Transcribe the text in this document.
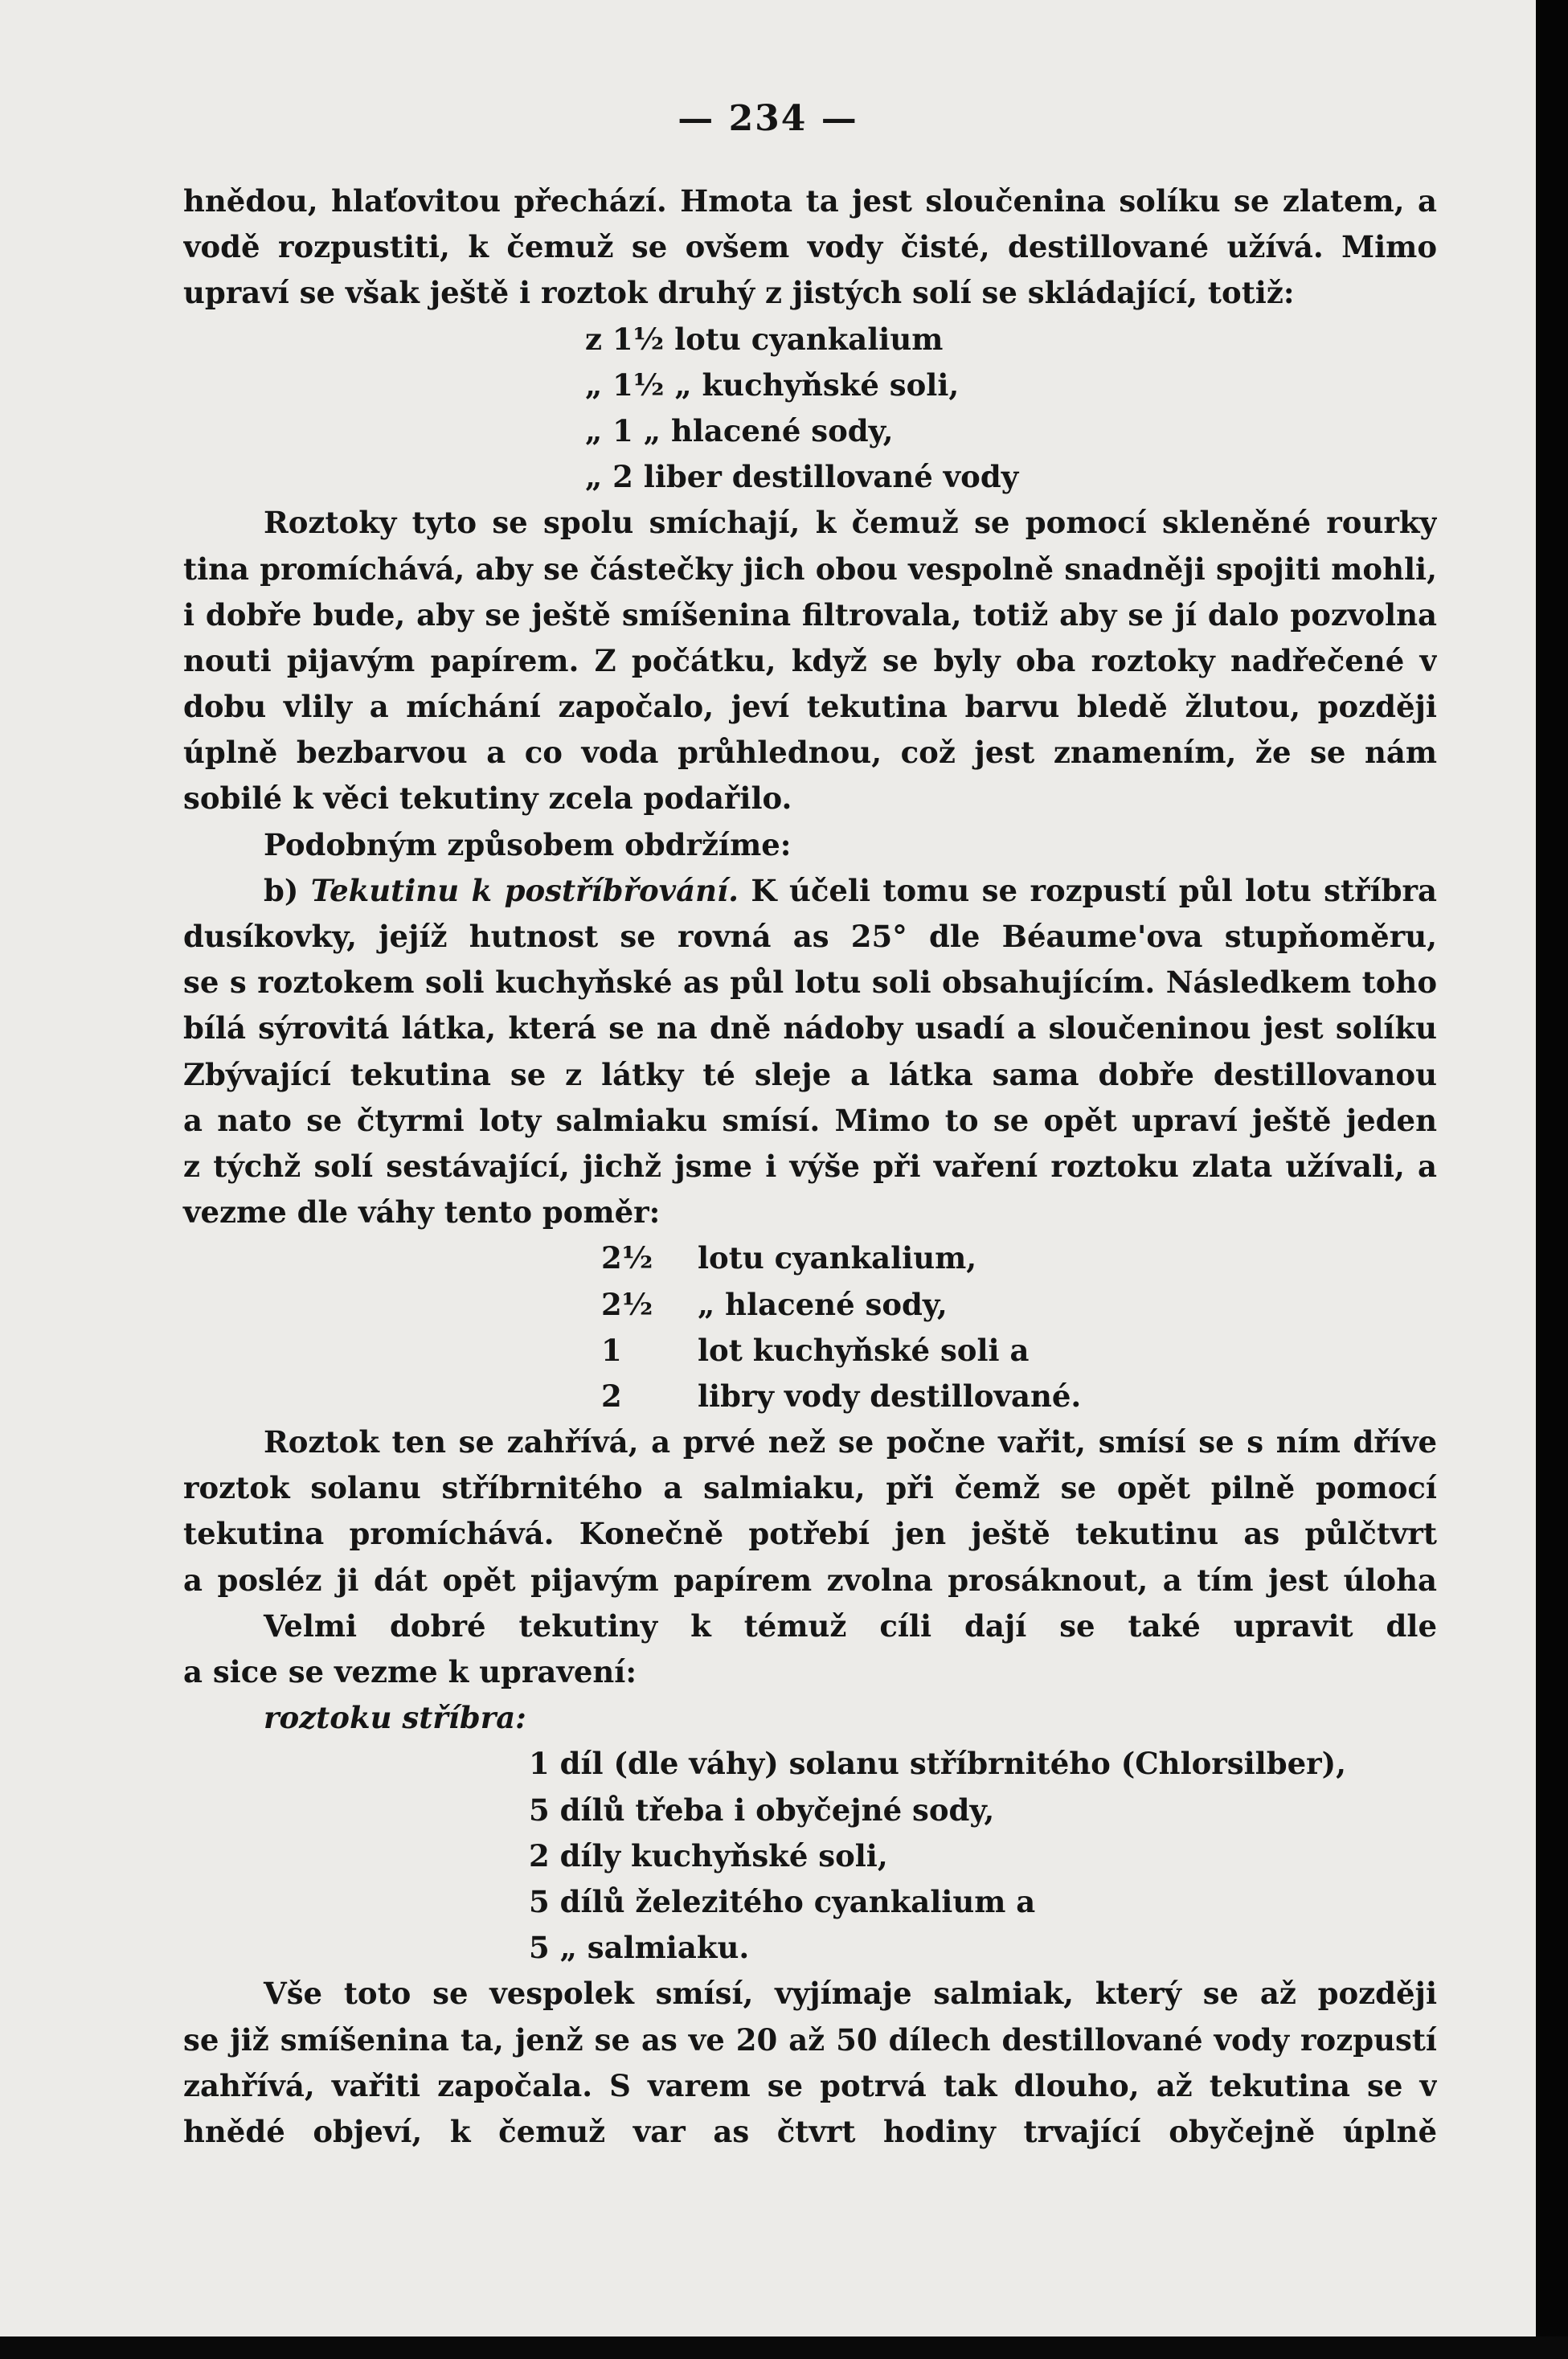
— 234 —
hnědou, hlaťovitou přechází. Hmota ta jest sloučenina solíku se zlatem, a
vodě rozpustiti, k čemuž se ovšem vody čisté, destillované užívá. Mimo
upraví se však ještě i roztok druhý z jistých solí se skládající, totiž:
z 1½ lotu cyankalium
„ 1½ „ kuchyňské soli,
„ 1 „ hlacené sody,
„ 2 liber destillované vody
Roztoky tyto se spolu smíchají, k čemuž se pomocí skleněné rourky
tina promíchává, aby se částečky jich obou vespolně snadněji spojiti mohli,
i dobře bude, aby se ještě smíšenina filtrovala, totiž aby se jí dalo pozvolna
nouti pijavým papírem. Z počátku, když se byly oba roztoky nadřečené v
dobu vlily a míchání započalo, jeví tekutina barvu bledě žlutou, později
úplně bezbarvou a co voda průhlednou, což jest znamením, že se nám
sobilé k věci tekutiny zcela podařilo.
Podobným způsobem obdržíme:
b) Tekutinu k postříbřování. K účeli tomu se rozpustí půl lotu stříbra
dusíkovky, jejíž hutnost se rovná as 25° dle Béaume'ova stupňoměru,
se s roztokem soli kuchyňské as půl lotu soli obsahujícím. Následkem toho
bílá sýrovitá látka, která se na dně nádoby usadí a sloučeninou jest solíku
Zbývající tekutina se z látky té sleje a látka sama dobře destillovanou
a nato se čtyrmi loty salmiaku smísí. Mimo to se opět upraví ještě jeden
z týchž solí sestávající, jichž jsme i výše při vaření roztoku zlata užívali, a
vezme dle váhy tento poměr:
2½ lotu cyankalium,
2½ „ hlacené sody,
1	lot kuchyňské soli a
2	libry vody destillované.
Roztok ten se zahřívá, a prvé než se počne vařit, smísí se s ním dříve
roztok solanu stříbrnitého a salmiaku, při čemž se opět pilně pomocí
tekutina promíchává. Konečně potřebí jen ještě tekutinu as půlčtvrt
a posléz ji dát opět pijavým papírem zvolna prosáknout, a tím jest úloha
Velmi dobré tekutiny k témuž cíli dají se také upravit dle
a sice se vezme k upravení:
roztoku stříbra:
1 díl (dle váhy) solanu stříbrnitého (Chlorsilber),
5 dílů třeba i obyčejné sody,
2 díly kuchyňské soli,
5 dílů železitého cyankalium a
5 „ salmiaku.
Vše toto se vespolek smísí, vyjímaje salmiak, který se až později
se již smíšenina ta, jenž se as ve 20 až 50 dílech destillované vody rozpustí
zahřívá, vařiti započala. S varem se potrvá tak dlouho, až tekutina se v
hnědé objeví, k čemuž var as čtvrt hodiny trvající obyčejně úplně
